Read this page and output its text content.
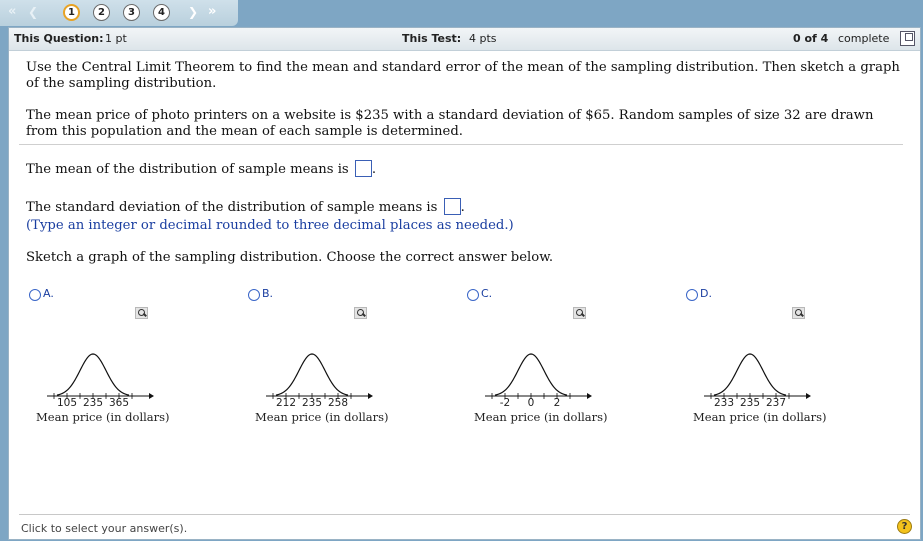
« ❮	1	2	3	4	❯ »
This Question: 1 pt	This Test: 4 pts	0 of 4 complete
Use the Central Limit Theorem to find the mean and standard error of the mean of the sampling distribution. Then sketch a graph of the sampling distribution.
The mean price of photo printers on a website is $235 with a standard deviation of $65. Random samples of size 32 are drawn from this population and the mean of each sample is determined.
The mean of the distribution of sample means is .
The standard deviation of the distribution of sample means is .
(Type an integer or decimal rounded to three decimal places as needed.)
Sketch a graph of the sampling distribution. Choose the correct answer below.
A.
105 235 365
Mean price (in dollars)
B.
212 235 258
Mean price (in dollars)
C.
-2 0 2
Mean price (in dollars)
D.
233 235 237
Mean price (in dollars)
Click to select your answer(s).	?
